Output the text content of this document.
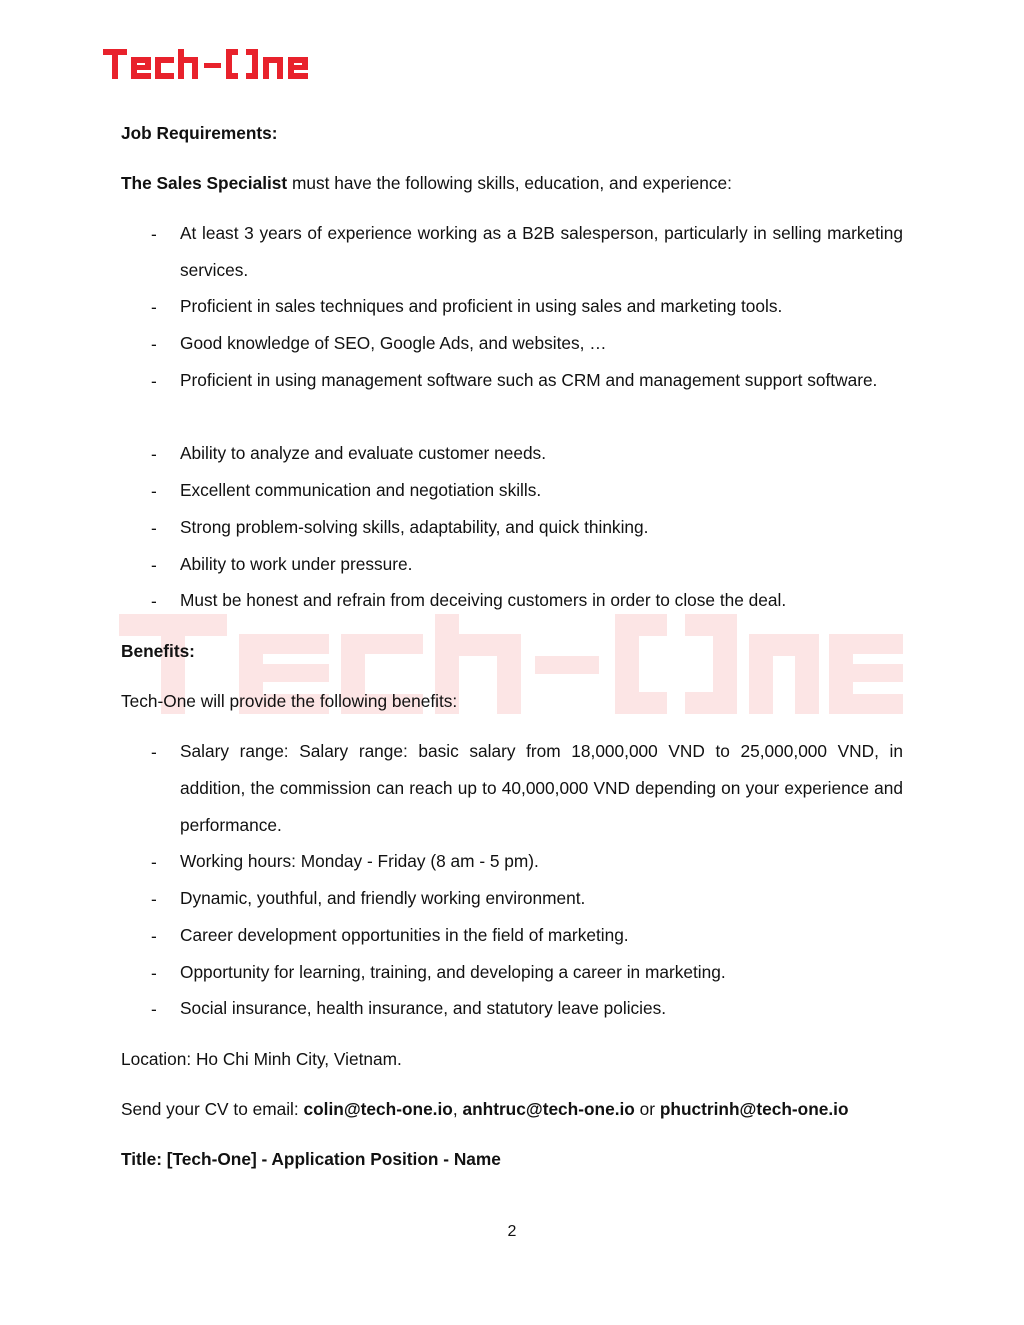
Job Requirements:
The Sales Specialist must have the following skills, education, and experience:
-	At least 3 years of experience working as a B2B salesperson, particularly in selling marketing services.
-	Proficient in sales techniques and proficient in using sales and marketing tools.
-	Good knowledge of SEO, Google Ads, and websites, …
-	Proficient in using management software such as CRM and management support software.
-	Ability to analyze and evaluate customer needs.
-	Excellent communication and negotiation skills.
-	Strong problem-solving skills, adaptability, and quick thinking.
-	Ability to work under pressure.
-	Must be honest and refrain from deceiving customers in order to close the deal.
Benefits:
Tech-One will provide the following benefits:
-	Salary range: Salary range: basic salary from 18,000,000 VND to 25,000,000 VND, in addition, the commission can reach up to 40,000,000 VND depending on your experience and performance.
-	Working hours: Monday - Friday (8 am - 5 pm).
-	Dynamic, youthful, and friendly working environment.
-	Career development opportunities in the field of marketing.
-	Opportunity for learning, training, and developing a career in marketing.
-	Social insurance, health insurance, and statutory leave policies.
Location: Ho Chi Minh City, Vietnam.
Send your CV to email: colin@tech-one.io, anhtruc@tech-one.io or phuctrinh@tech-one.io
Title: [Tech-One] - Application Position - Name
2
